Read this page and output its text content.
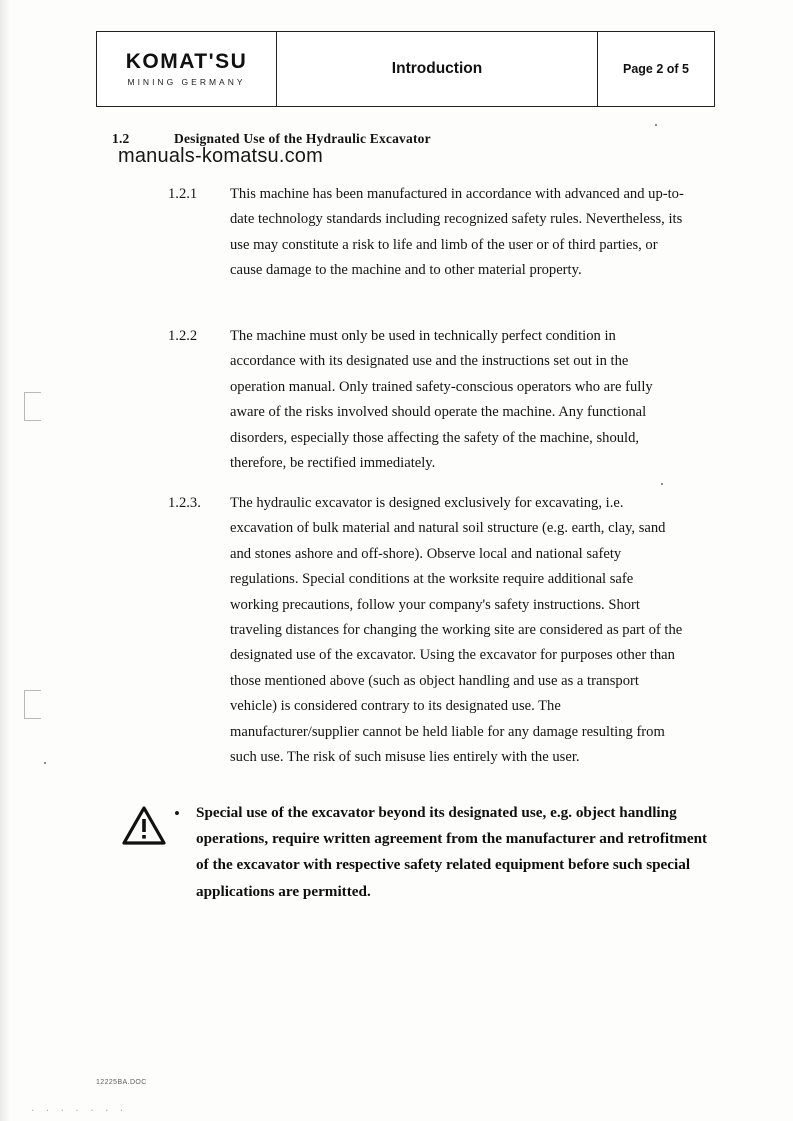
KOMAT'SU
MINING GERMANY
Introduction	Page 2 of 5
1.2	Designated Use of the Hydraulic Excavator
manuals-komatsu.com
1.2.1	This machine has been manufactured in accordance with advanced and up-to-date technology standards including recognized safety rules. Nevertheless, its use may constitute a risk to life and limb of the user or of third parties, or cause damage to the machine and to other material property.
1.2.2	The machine must only be used in technically perfect condition in accordance with its designated use and the instructions set out in the operation manual. Only trained safety-conscious operators who are fully aware of the risks involved should operate the machine. Any functional disorders, especially those affecting the safety of the machine, should, therefore, be rectified immediately.
1.2.3.	The hydraulic excavator is designed exclusively for excavating, i.e. excavation of bulk material and natural soil structure (e.g. earth, clay, sand and stones ashore and off-shore). Observe local and national safety regulations. Special conditions at the worksite require additional safe working precautions, follow your company's safety instructions. Short traveling distances for changing the working site are considered as part of the designated use of the excavator. Using the excavator for purposes other than those mentioned above (such as object handling and use as a transport vehicle) is considered contrary to its designated use. The manufacturer/supplier cannot be held liable for any damage resulting from such use. The risk of such misuse lies entirely with the user.
•	Special use of the excavator beyond its designated use, e.g. object handling operations, require written agreement from the manufacturer and retrofitment of the excavator with respective safety related equipment before such special applications are permitted.
12225BA.DOC
. . . . . . .
